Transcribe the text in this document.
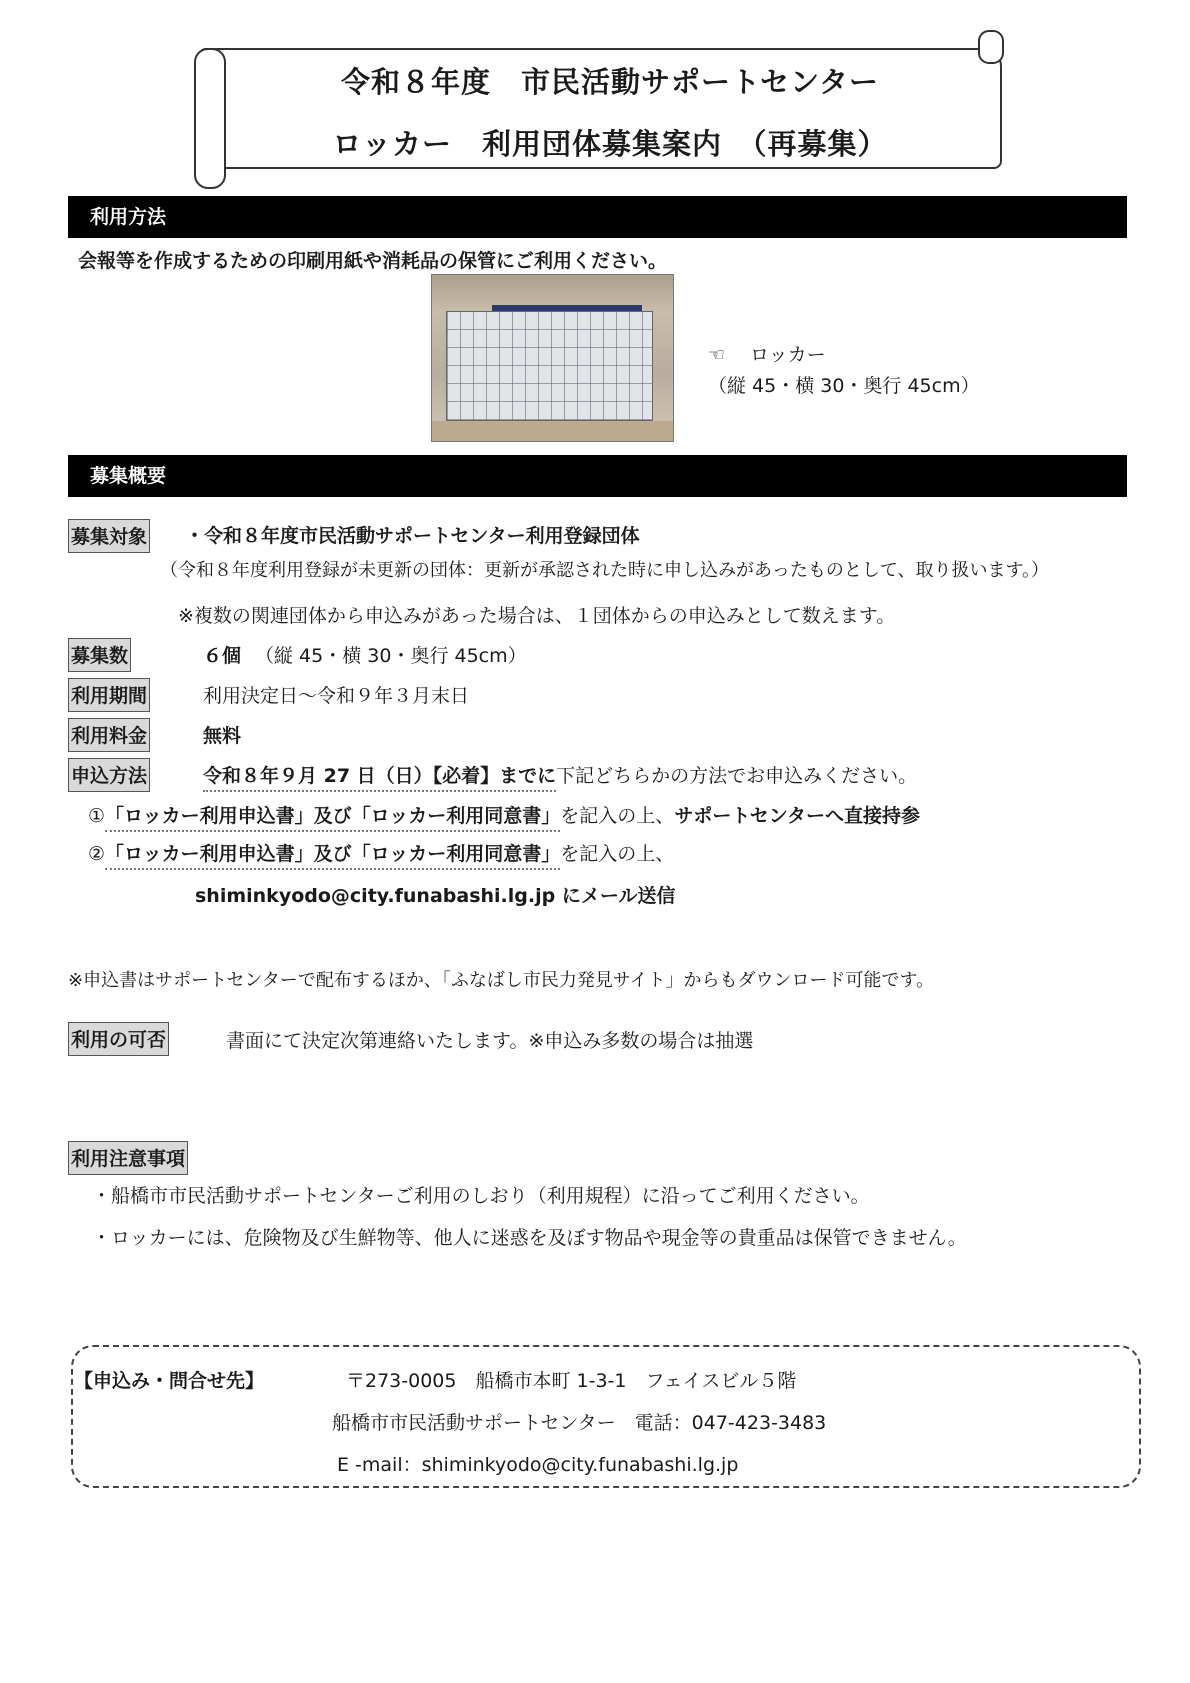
令和８年度　市民活動サポートセンター
ロッカー　利用団体募集案内　（再募集）
利用方法
会報等を作成するための印刷用紙や消耗品の保管にご利用ください。
☜ ロッカー
（縦 45・横 30・奥行 45cm）
募集概要
募集対象 ・令和８年度市民活動サポートセンター利用登録団体
（令和８年度利用登録が未更新の団体：更新が承認された時に申し込みがあったものとして、取り扱います。）
※複数の関連団体から申込みがあった場合は、１団体からの申込みとして数えます。
募集数	６個 （縦 45・横 30・奥行 45cm）
利用期間	利用決定日～令和９年３月末日
利用料金	無料
申込方法	令和８年９月 27 日（日）【必着】までに下記どちらかの方法でお申込みください。
①「ロッカー利用申込書」及び「ロッカー利用同意書」を記入の上、サポートセンターへ直接持参
②「ロッカー利用申込書」及び「ロッカー利用同意書」を記入の上、
shiminkyodo@city.funabashi.lg.jp にメール送信
※申込書はサポートセンターで配布するほか、「ふなばし市民力発見サイト」からもダウンロード可能です。
利用の可否	書面にて決定次第連絡いたします。※申込み多数の場合は抽選
利用注意事項
・船橋市市民活動サポートセンターご利用のしおり（利用規程）に沿ってご利用ください。
・ロッカーには、危険物及び生鮮物等、他人に迷惑を及ぼす物品や現金等の貴重品は保管できません。
【申込み・問合せ先】	〒273-0005　船橋市本町 1-3-1　フェイスビル５階
船橋市市民活動サポートセンター　電話：047-423-3483
E -mail：shiminkyodo@city.funabashi.lg.jp
